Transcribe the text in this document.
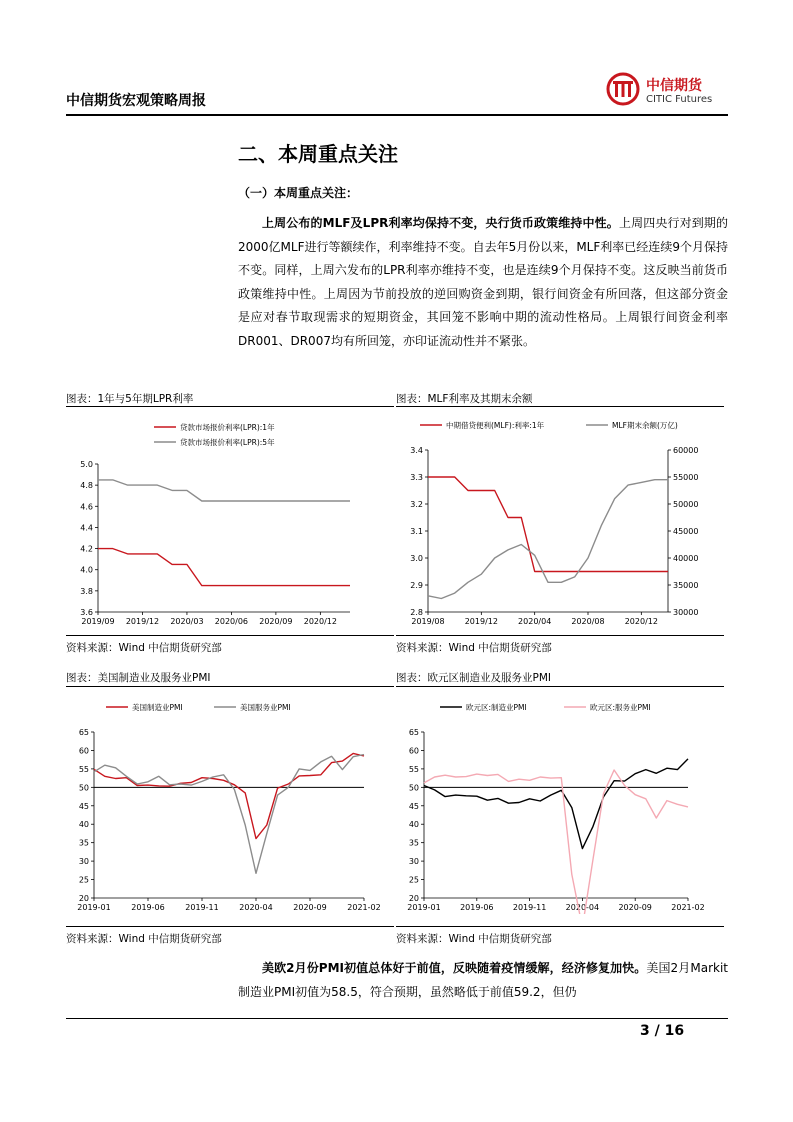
中信期货宏观策略周报
中信期货
CITIC Futures
二、本周重点关注
（一）本周重点关注：
上周公布的MLF及LPR利率均保持不变，央行货币政策维持中性。上周四央行对到期的2000亿MLF进行等额续作，利率维持不变。自去年5月份以来，MLF利率已经连续9个月保持不变。同样，上周六发布的LPR利率亦维持不变，也是连续9个月保持不变。这反映当前货币政策维持中性。上周因为节前投放的逆回购资金到期，银行间资金有所回落，但这部分资金是应对春节取现需求的短期资金，其回笼不影响中期的流动性格局。上周银行间资金利率DR001、DR007均有所回笼，亦印证流动性并不紧张。
图表：1年与5年期LPR利率
3.6
3.8
4.0
4.2
4.4
4.6
4.8
5.0
2019/09 2019/12 2020/03 2020/06 2020/09 2020/12
贷款市场报价利率(LPR):1年
贷款市场报价利率(LPR):5年
资料来源：Wind 中信期货研究部
图表：MLF利率及其期末余额
2.8
2.9
3.0
3.1
3.2
3.3
3.4
30000
35000
40000
45000
50000
55000
60000
2019/08	2019/12	2020/04	2020/08	2020/12
中期借贷便利(MLF):利率:1年	MLF期末余额(万亿)
资料来源：Wind 中信期货研究部
图表：美国制造业及服务业PMI
20
25
30
35
40
45
50
55
60
65
2019-01	2019-06	2019-11	2020-04	2020-09	2021-02
美国制造业PMI	美国服务业PMI
资料来源：Wind 中信期货研究部
图表：欧元区制造业及服务业PMI
20
25
30
35
40
45
50
55
60
65
2019-01 2019-06 2019-11 2020-04 2020-09 2021-02
欧元区:制造业PMI	欧元区:服务业PMI
资料来源：Wind 中信期货研究部
美欧2月份PMI初值总体好于前值，反映随着疫情缓解，经济修复加快。美国2月Markit制造业PMI初值为58.5，符合预期，虽然略低于前值59.2，但仍
3 / 16
